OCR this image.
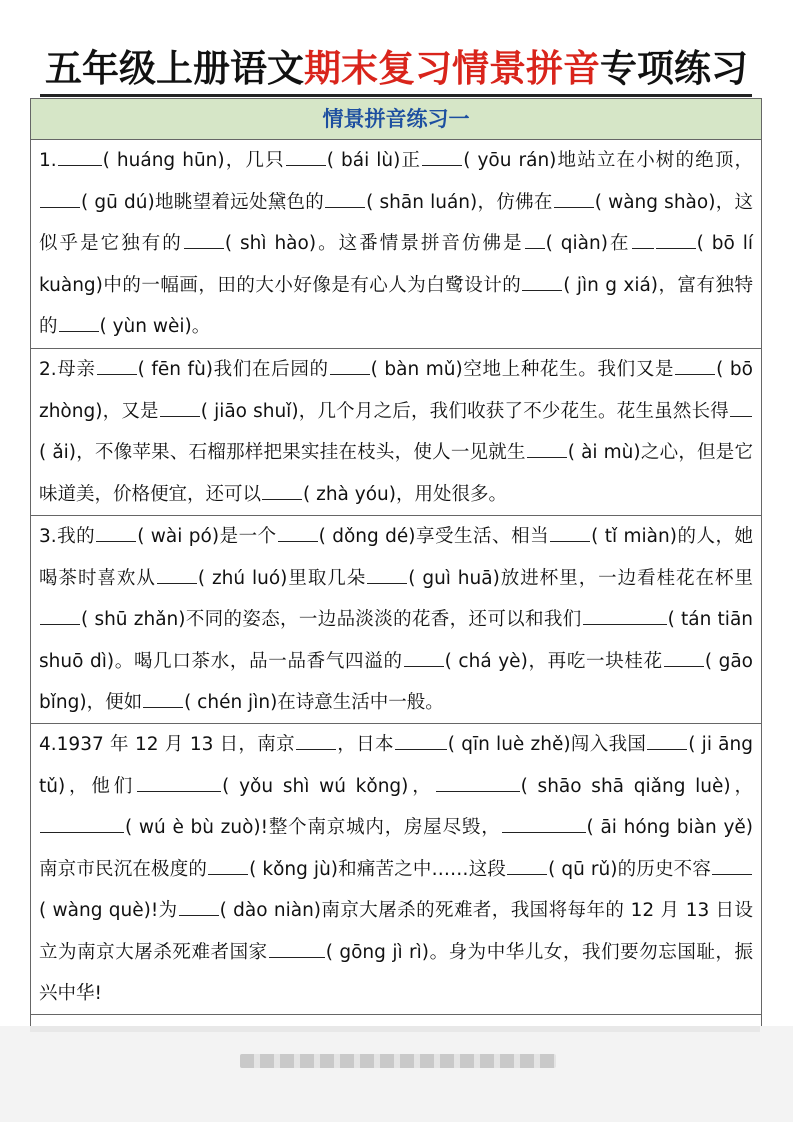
五年级上册语文期末复习情景拼音专项练习
情景拼音练习一
1. ( huáng hūn)，几只 ( bái lù)正 ( yōu rán)地站立在小树的绝顶，( gū dú)地眺望着远处黛色的 ( shān luán)，仿佛在 ( wàng shào)，这似乎是它独有的 ( shì hào)。这番情景拼音仿佛是 ( qiàn)在	( bō lí kuàng)中的一幅画，田的大小好像是有心人为白鹭设计的 ( jìn g xiá)，富有独特的 ( yùn wèi)。
2.母亲 ( fēn fù)我们在后园的 ( bàn mǔ)空地上种花生。我们又是 ( bō zhòng)，又是 ( jiāo shuǐ)，几个月之后，我们收获了不少花生。花生虽然长得( ǎi)，不像苹果、石榴那样把果实挂在枝头，使人一见就生 ( ài mù)之心，但是它味道美，价格便宜，还可以 ( zhà yóu)，用处很多。
3.我的 ( wài pó)是一个 ( dǒng dé)享受生活、相当 ( tǐ miàn)的人，她喝茶时喜欢从 ( zhú luó)里取几朵 ( guì huā)放进杯里，一边看桂花在杯里( shū zhǎn)不同的姿态，一边品淡淡的花香，还可以和我们	( tán tiān shuō dì)。喝几口茶水，品一品香气四溢的 ( chá yè)，再吃一块桂花 ( gāo bǐng)，便如 ( chén jìn)在诗意生活中一般。
4.1937 年 12 月 13 日，南京 ，日本	( qīn luè zhě)闯入我国 ( ji āng tǔ)，他们	( yǒu shì wú kǒng)，	( shāo shā qiǎng luè)，( wú è bù zuò)!整个南京城内，房屋尽毁，	( āi hóng biàn yě)南京市民沉在极度的 ( kǒng jù)和痛苦之中……这段 ( qū rǔ)的历史不容( wàng què)!为 ( dào niàn)南京大屠杀的死难者，我国将每年的 12 月 13 日设立为南京大屠杀死难者国家	( gōng jì rì)。身为中华儿女，我们要勿忘国耻，振兴中华!
